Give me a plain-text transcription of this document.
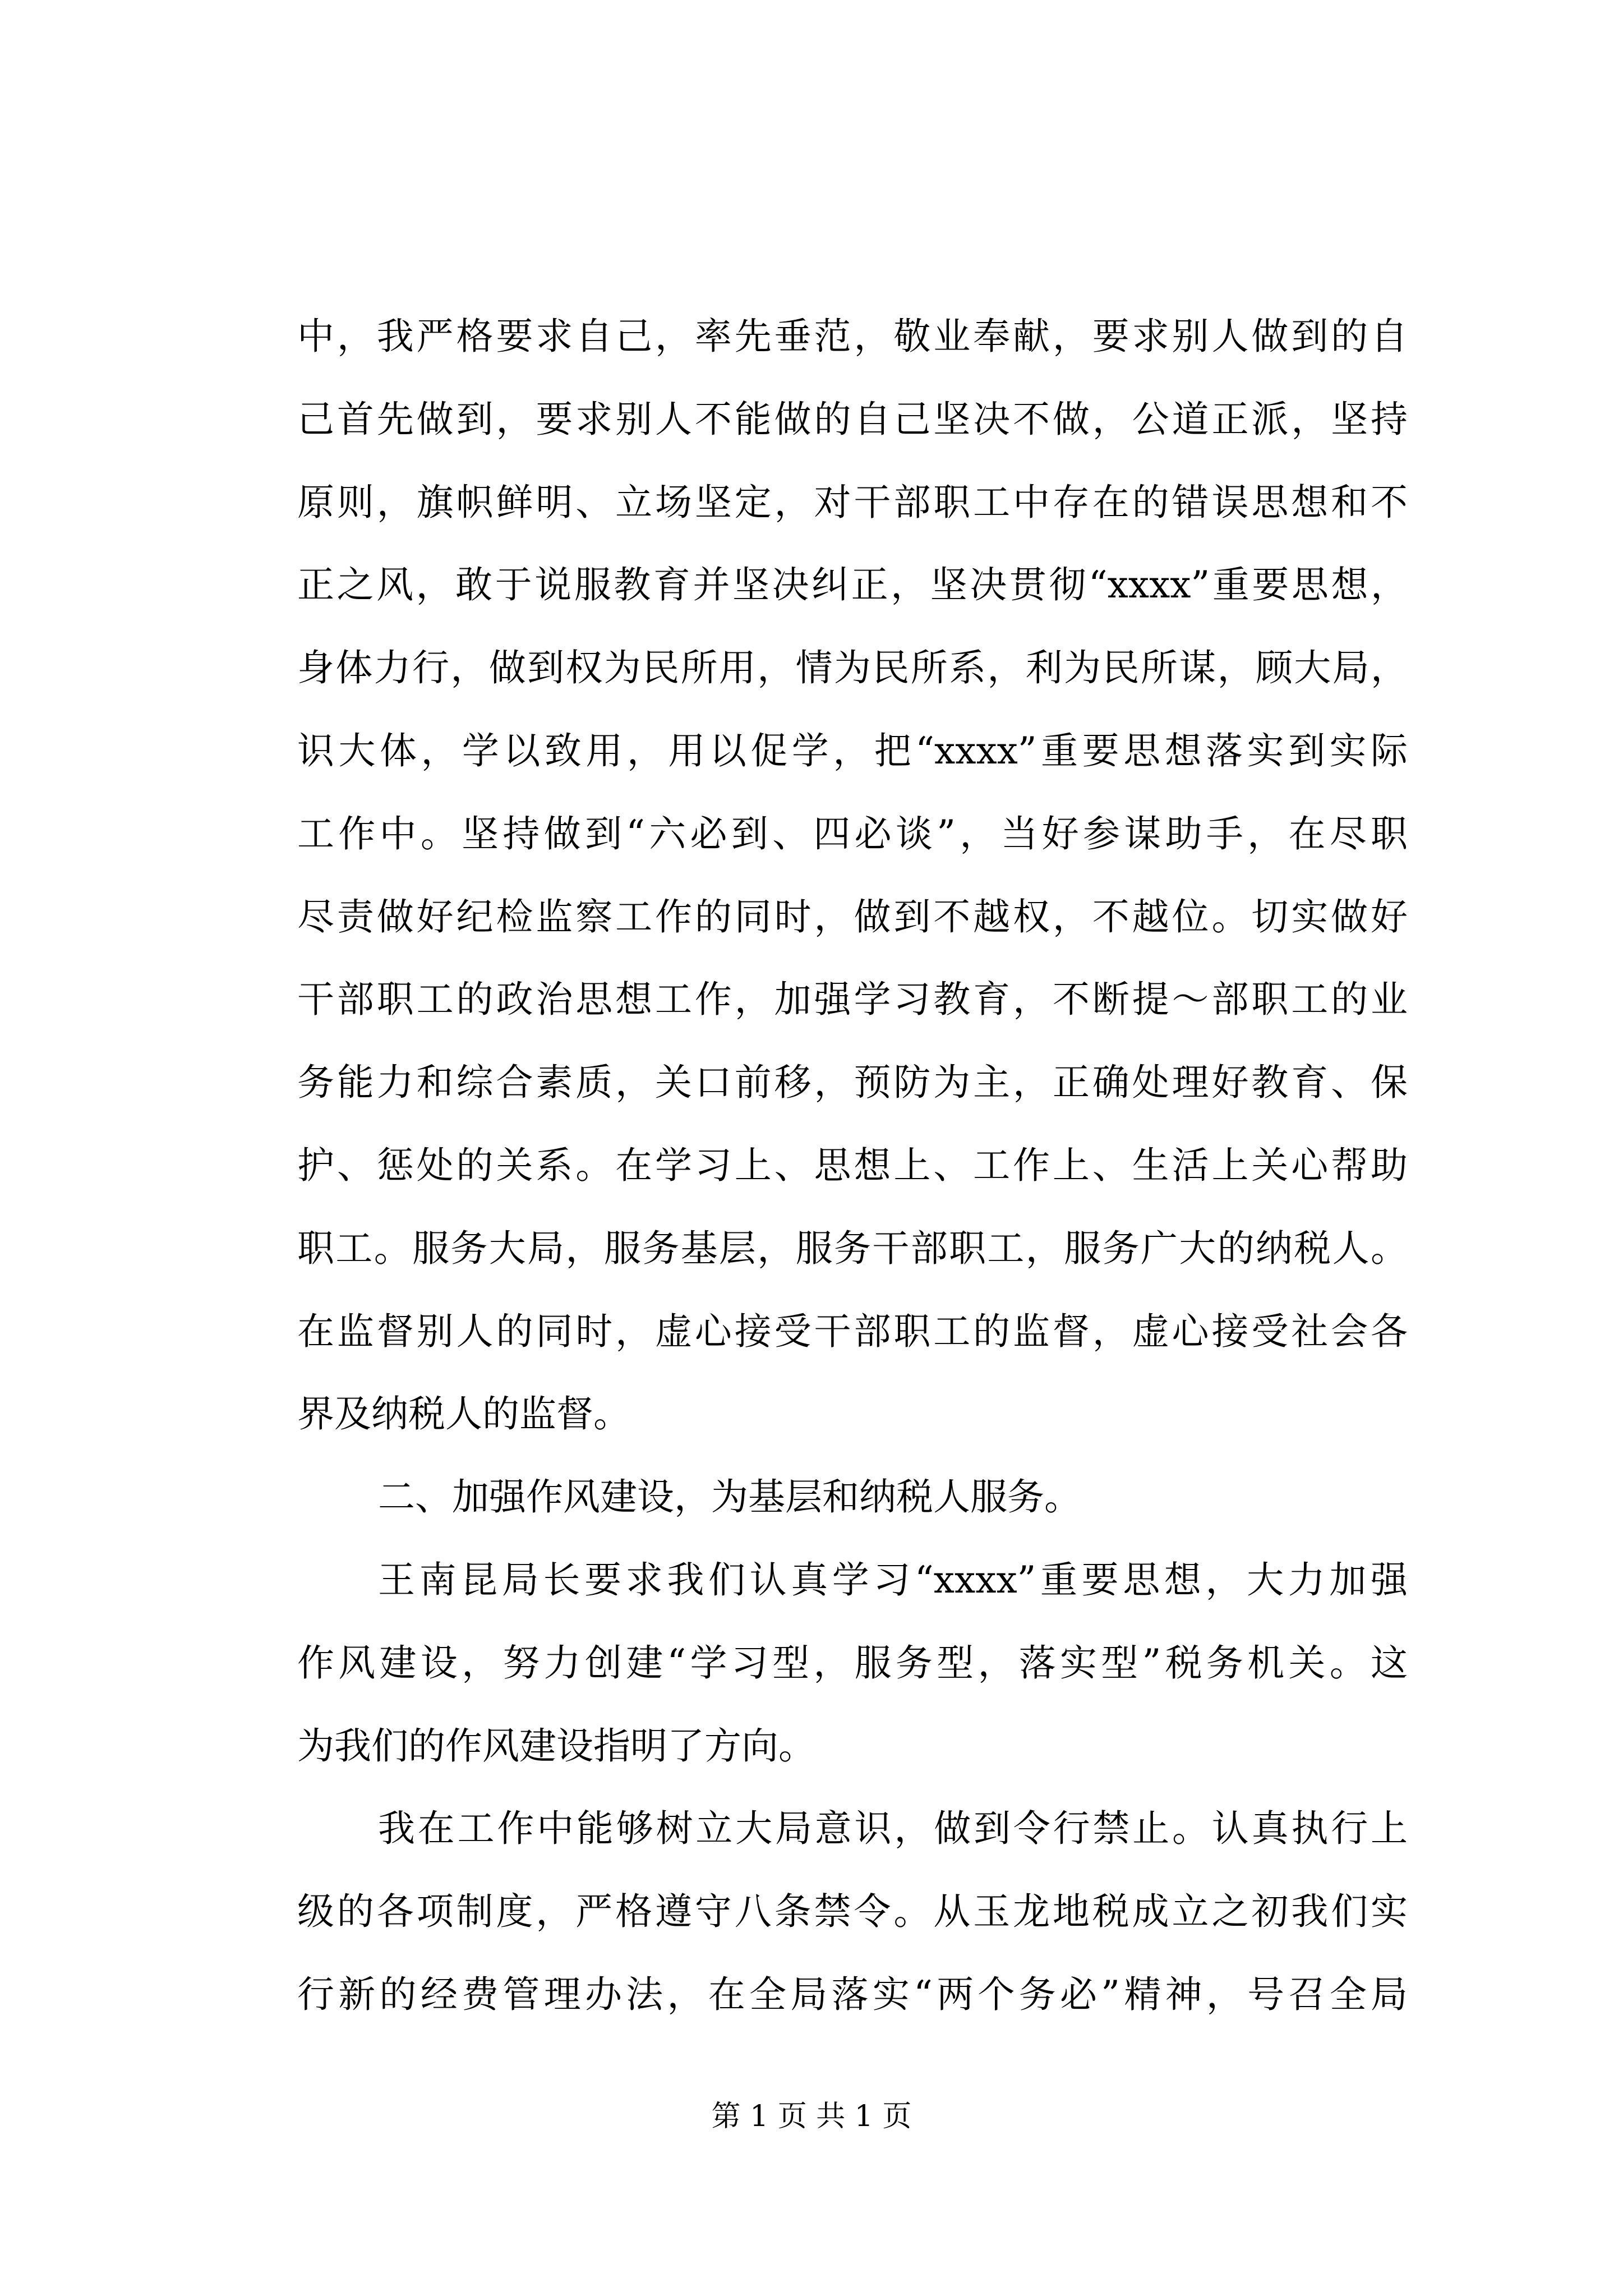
中，我严格要求自己，率先垂范，敬业奉献，要求别人做到的自
己首先做到，要求别人不能做的自己坚决不做，公道正派，坚持
原则，旗帜鲜明、立场坚定，对干部职工中存在的错误思想和不
正之风，敢于说服教育并坚决纠正，坚决贯彻“xxxx”重要思想，
身体力行，做到权为民所用，情为民所系，利为民所谋，顾大局，
识大体，学以致用，用以促学，把“xxxx”重要思想落实到实际
工作中。坚持做到“六必到、四必谈”，当好参谋助手，在尽职
尽责做好纪检监察工作的同时，做到不越权，不越位。切实做好
干部职工的政治思想工作，加强学习教育，不断提～部职工的业
务能力和综合素质，关口前移，预防为主，正确处理好教育、保
护、惩处的关系。在学习上、思想上、工作上、生活上关心帮助
职工。服务大局，服务基层，服务干部职工，服务广大的纳税人。
在监督别人的同时，虚心接受干部职工的监督，虚心接受社会各
界及纳税人的监督。
二、加强作风建设，为基层和纳税人服务。
王南昆局长要求我们认真学习“xxxx”重要思想，大力加强
作风建设，努力创建“学习型，服务型，落实型”税务机关。这
为我们的作风建设指明了方向。
我在工作中能够树立大局意识，做到令行禁止。认真执行上
级的各项制度，严格遵守八条禁令。从玉龙地税成立之初我们实
行新的经费管理办法，在全局落实“两个务必”精神，号召全局
第 1 页 共 1 页
